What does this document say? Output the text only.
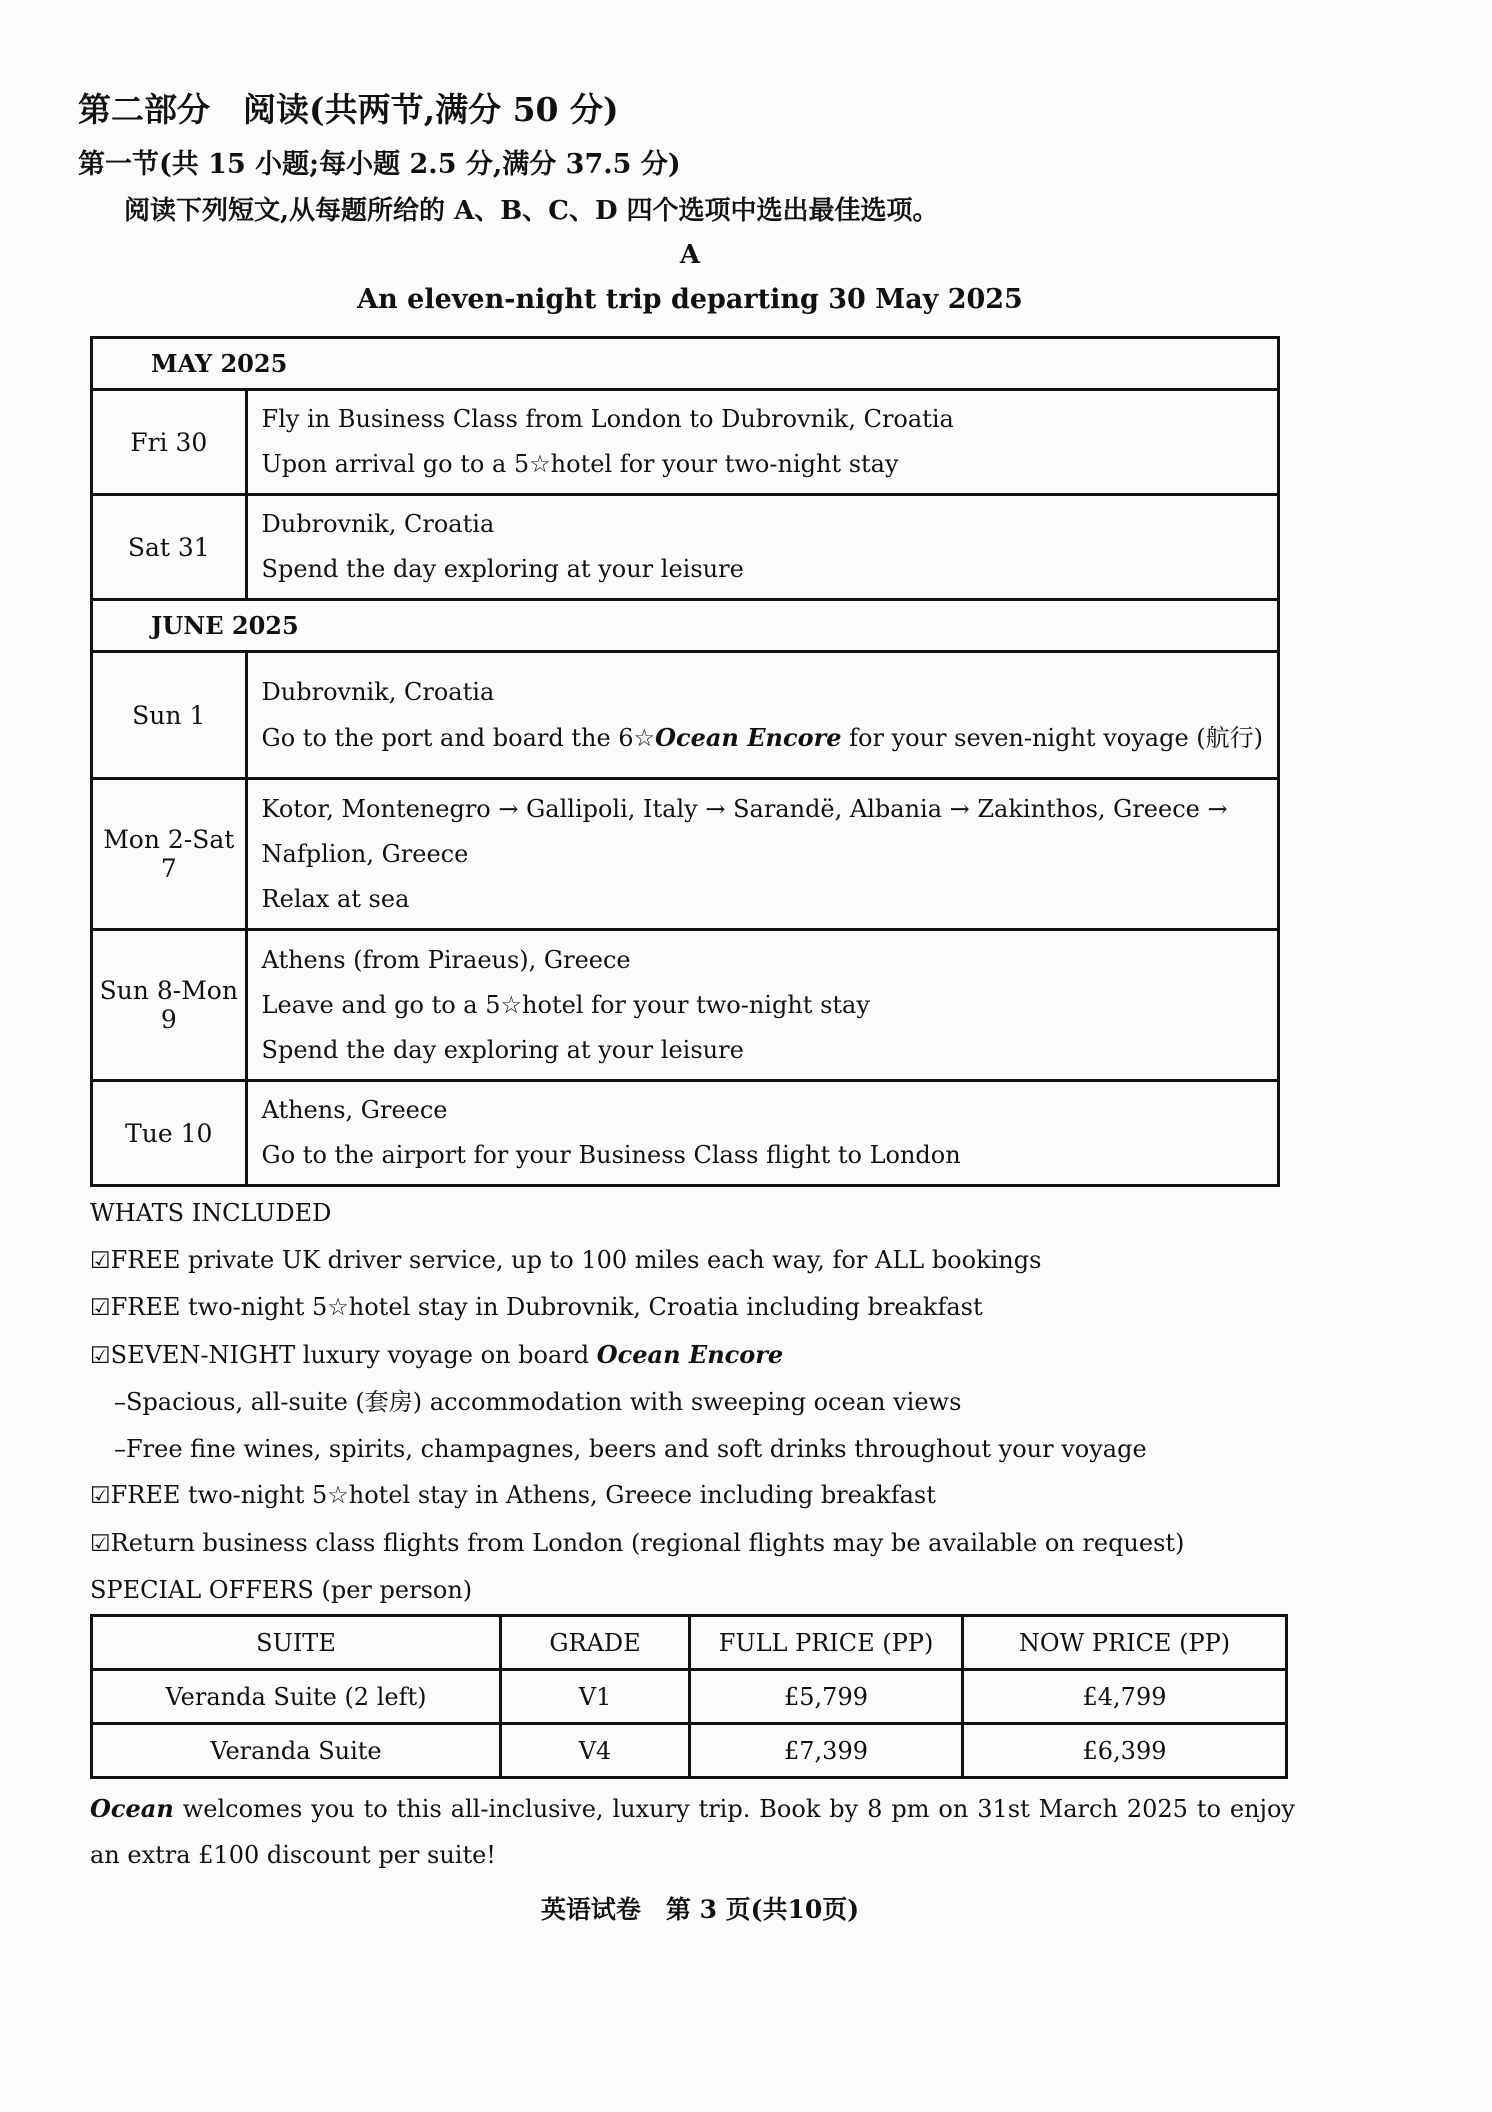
第二部分　阅读(共两节,满分 50 分)
第一节(共 15 小题;每小题 2.5 分,满分 37.5 分)
阅读下列短文,从每题所给的 A、B、C、D 四个选项中选出最佳选项。
A
An eleven-night trip departing 30 May 2025
MAY 2025	
Fri 30	Fly in Business Class from London to Dubrovnik, Croatia
Upon arrival go to a 5☆hotel for your two-night stay

Sat 31	Dubrovnik, Croatia
Spend the day exploring at your leisure

JUNE 2025	
Sun 1	Dubrovnik, Croatia
Go to the port and board the 6☆Ocean Encore for your seven-night voyage (航行)

Mon 2-Sat 7	Kotor, Montenegro → Gallipoli, Italy → Sarandë, Albania → Zakinthos, Greece →
Nafplion, Greece
Relax at sea

Sun 8-Mon 9	Athens (from Piraeus), Greece
Leave and go to a 5☆hotel for your two-night stay
Spend the day exploring at your leisure

Tue 10	Athens, Greece
Go to the airport for your Business Class flight to London
WHATS INCLUDED
☑FREE private UK driver service, up to 100 miles each way, for ALL bookings
☑FREE two-night 5☆hotel stay in Dubrovnik, Croatia including breakfast
☑SEVEN-NIGHT luxury voyage on board Ocean Encore
–Spacious, all-suite (套房) accommodation with sweeping ocean views
–Free fine wines, spirits, champagnes, beers and soft drinks throughout your voyage
☑FREE two-night 5☆hotel stay in Athens, Greece including breakfast
☑Return business class flights from London (regional flights may be available on request)
SPECIAL OFFERS (per person)
SUITE	GRADE	FULL PRICE (PP)	NOW PRICE (PP)
Veranda Suite (2 left)	V1	£5,799	£4,799
Veranda Suite	V4	£7,399	£6,399
Ocean welcomes you to this all-inclusive, luxury trip. Book by 8 pm on 31st March 2025 to enjoy an extra £100 discount per suite!
英语试卷　第 3 页(共10页)
